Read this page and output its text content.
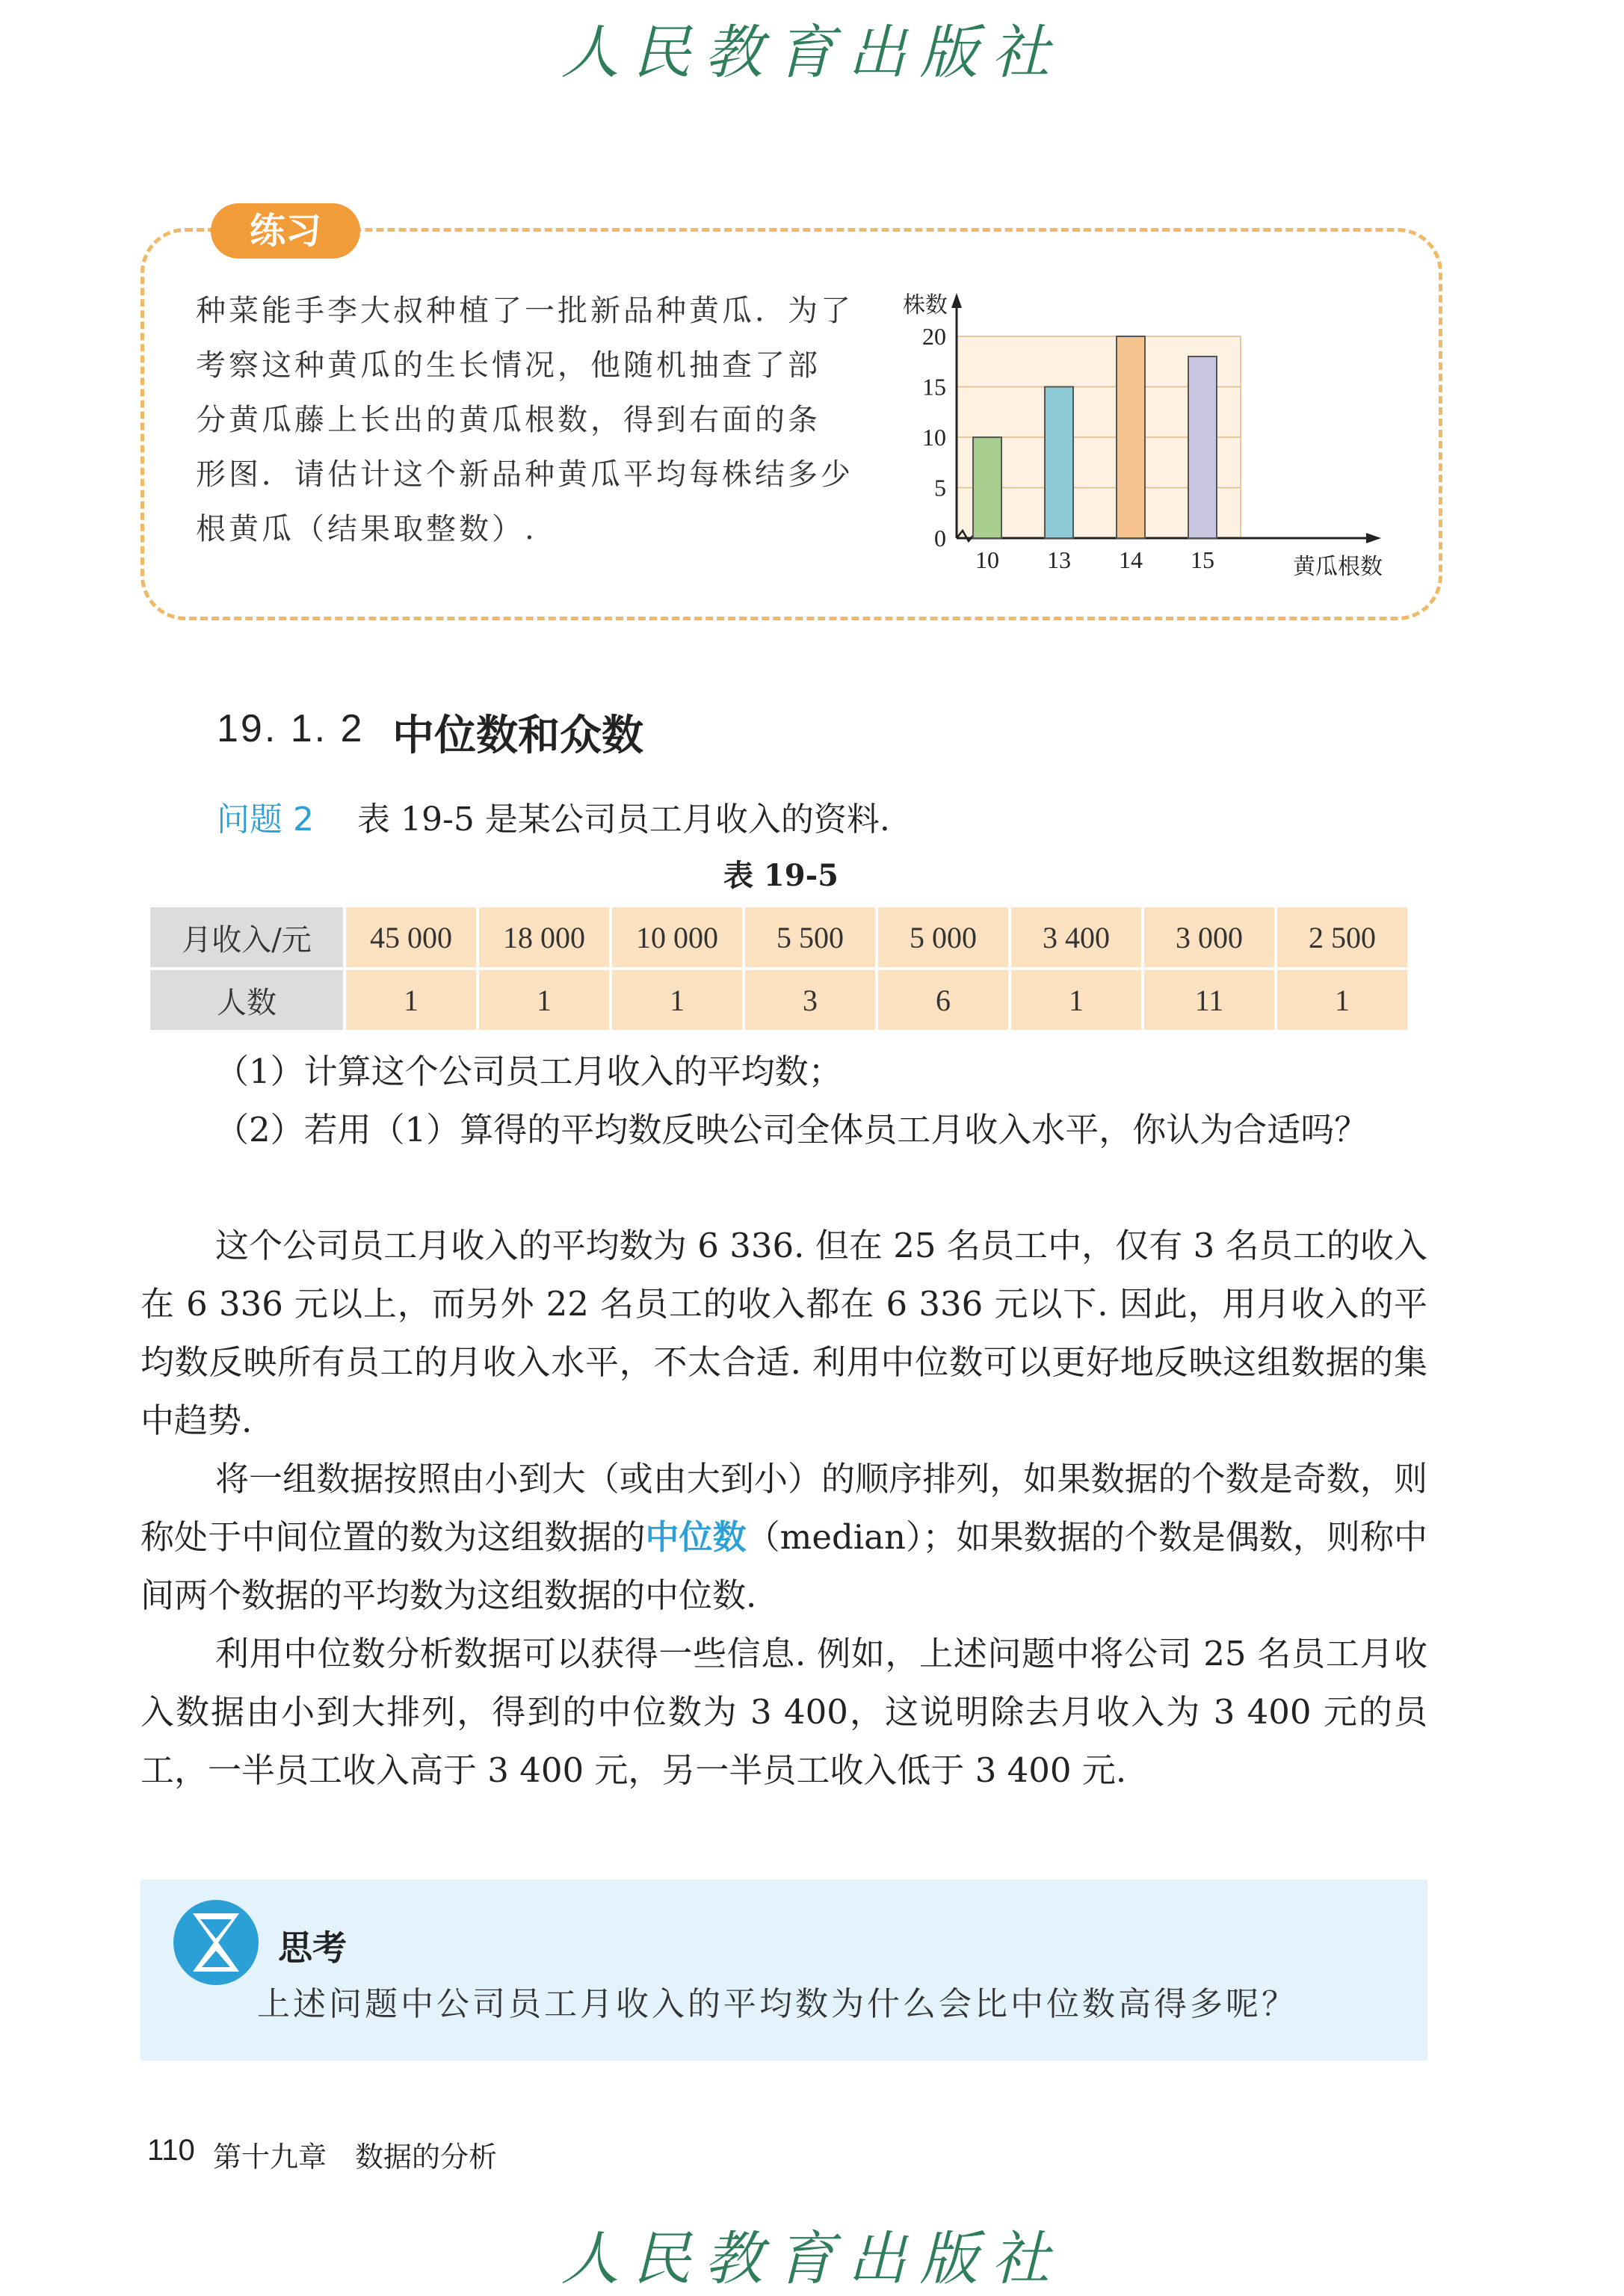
人民教育出版社
练习
种菜能手李大叔种植了一批新品种黄瓜．为了
考察这种黄瓜的生长情况，他随机抽查了部
分黄瓜藤上长出的黄瓜根数，得到右面的条
形图．请估计这个新品种黄瓜平均每株结多少
根黄瓜（结果取整数）.	0
5
10
15
20
株数
黄瓜根数
10 13 14 15
19. 1. 2 中位数和众数
问题 2 表 19-5 是某公司员工月收入的资料.
表 19-5
月收入/元	45 000	18 000	10 000	5 500	5 000	3 400	3 000	2 500
人数	1	1	1	3	6	1	11	1
（1）计算这个公司员工月收入的平均数；
（2）若用（1）算得的平均数反映公司全体员工月收入水平，你认为合适吗？
这个公司员工月收入的平均数为 6 336. 但在 25 名员工中，仅有 3 名员工的收入在 6 336 元以上，而另外 22 名员工的收入都在 6 336 元以下. 因此，用月收入的平均数反映所有员工的月收入水平，不太合适. 利用中位数可以更好地反映这组数据的集中趋势.
将一组数据按照由小到大（或由大到小）的顺序排列，如果数据的个数是奇数，则称处于中间位置的数为这组数据的中位数（median）；如果数据的个数是偶数，则称中间两个数据的平均数为这组数据的中位数.
利用中位数分析数据可以获得一些信息. 例如，上述问题中将公司 25 名员工月收入数据由小到大排列，得到的中位数为 3 400，这说明除去月收入为 3 400 元的员工，一半员工收入高于 3 400 元，另一半员工收入低于 3 400 元.
思考
上述问题中公司员工月收入的平均数为什么会比中位数高得多呢？
110 第十九章　数据的分析
人民教育出版社
